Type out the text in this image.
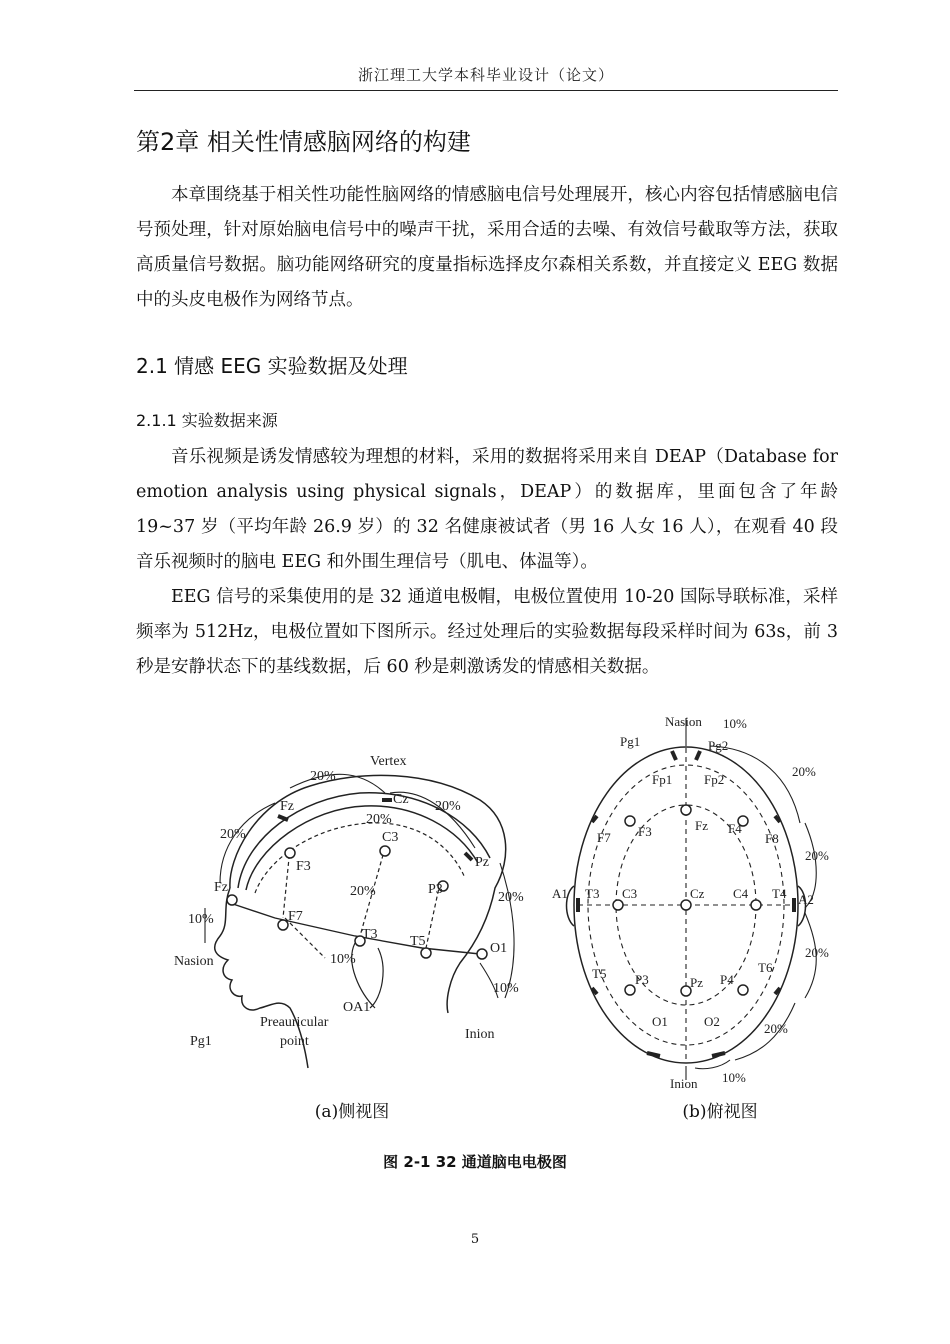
浙江理工大学本科毕业设计（论文）
第2章 相关性情感脑网络的构建

本章围绕基于相关性功能性脑网络的情感脑电信号处理展开，核心内容包括情感脑电信号预处理，针对原始脑电信号中的噪声干扰，采用合适的去噪、有效信号截取等方法，获取高质量信号数据。脑功能网络研究的度量指标选择皮尔森相关系数，并直接定义 EEG 数据中的头皮电极作为网络节点。

2.1 情感 EEG 实验数据及处理
2.1.1 实验数据来源

音乐视频是诱发情感较为理想的材料，采用的数据将采用来自 DEAP（Database for emotion analysis using physical signals，DEAP）的数据库，里面包含了年龄 19~37 岁（平均年龄 26.9 岁）的 32 名健康被试者（男 16 人女 16 人），在观看 40 段音乐视频时的脑电 EEG 和外围生理信号（肌电、体温等）。

EEG 信号的采集使用的是 32 通道电极帽，电极位置使用 10-20 国际导联标准，采样频率为 512Hz，电极位置如下图所示。经过处理后的实验数据每段采样时间为 63s，前 3 秒是安静状态下的基线数据，后 60 秒是刺激诱发的情感相关数据。

Vertex
20%
20%
20%
20%
20%	20%
10%
10%
10%
Fz	Cz
Pz
Fz
F3
C3
P3
F7
T3 T5	O1
Nasion
Inion
Preauricular
point
OA1
Pg1
Nasion 10%
Inion 10%
20%
20%
20%
20%
Pg1	Pg2
Fp1 Fp2
F7 F3	Fz F4
F8
A1 T3 C3	Cz C4 T4 A2
T5 P3	Pz P4
T6
O1	O2
(a)侧视图	(b)俯视图
图 2-1 32 通道脑电电极图
5
